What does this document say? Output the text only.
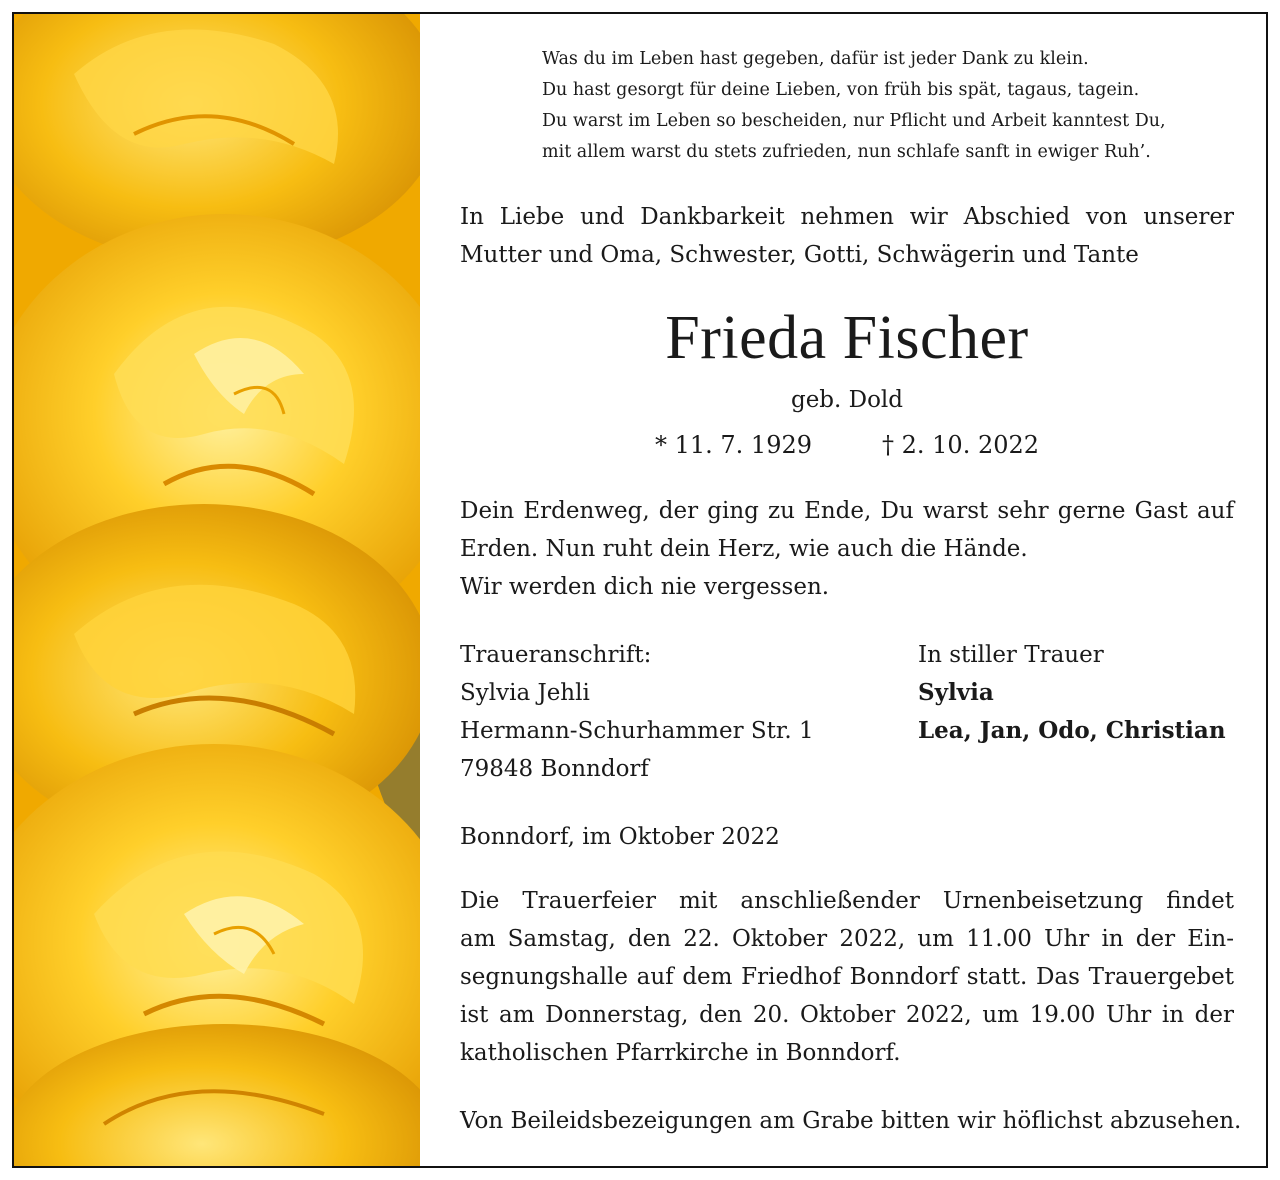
Was du im Leben hast gegeben, dafür ist jeder Dank zu klein.
Du hast gesorgt für deine Lieben, von früh bis spät, tagaus, tagein.
Du warst im Leben so bescheiden, nur Pflicht und Arbeit kanntest Du,
mit allem warst du stets zufrieden, nun schlafe sanft in ewiger Ruh’.
In Liebe und Dankbarkeit nehmen wir Abschied von unserer
Mutter und Oma, Schwester, Gotti, Schwägerin und Tante
Frieda Fischer
geb. Dold
* 11. 7. 1929	† 2. 10. 2022
Dein Erdenweg, der ging zu Ende, Du warst sehr gerne Gast auf
Erden. Nun ruht dein Herz, wie auch die Hände.
Wir werden dich nie vergessen.
Traueranschrift:
Sylvia Jehli
Hermann-Schurhammer Str. 1
79848 Bonndorf
In stiller Trauer
Sylvia
Lea, Jan, Odo, Christian
Bonndorf, im Oktober 2022
Die Trauerfeier mit anschließender Urnenbeisetzung findet
am Samstag, den 22. Oktober 2022, um 11.00 Uhr in der Ein-
segnungshalle auf dem Friedhof Bonndorf statt. Das Trauergebet
ist am Donnerstag, den 20. Oktober 2022, um 19.00 Uhr in der
katholischen Pfarrkirche in Bonndorf.
Von Beileidsbezeigungen am Grabe bitten wir höflichst abzusehen.
